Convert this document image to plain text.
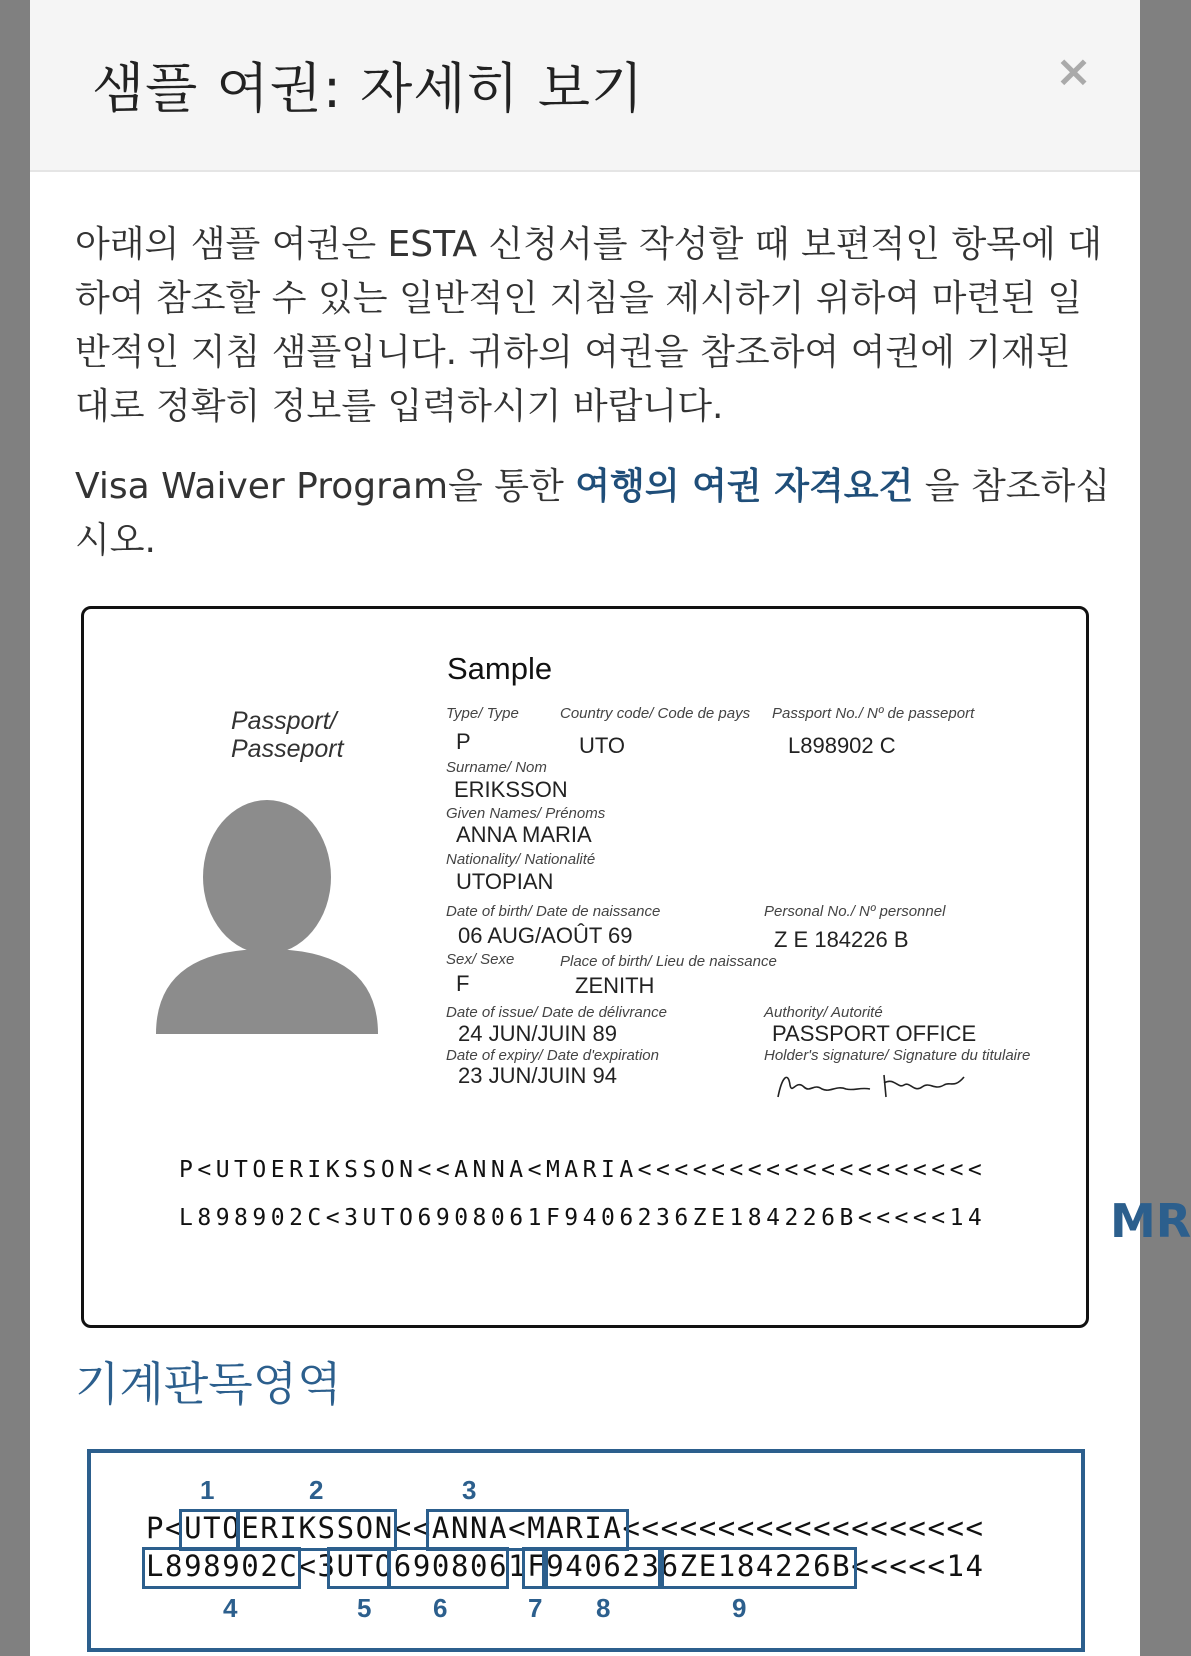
샘플 여권: 자세히 보기	×

아래의 샘플 여권은 ESTA 신청서를 작성할 때 보편적인 항목에 대하여 참조할 수 있는 일반적인 지침을 제시하기 위하여 마련된 일반적인 지침 샘플입니다. 귀하의 여권을 참조하여 여권에 기재된 대로 정확히 정보를 입력하시기 바랍니다.

Visa Waiver Program을 통한 여행의 여권 자격요건 을 참조하십시오.

Sample
Passport/
Passeport
Type/ Type
P
Country code/ Code de pays
UTO
Passport No./ Nº de passeport
L898902 C
Surname/ Nom
ERIKSSON
Given Names/ Prénoms
ANNA MARIA
Nationality/ Nationalité
UTOPIAN
Date of birth/ Date de naissance
06 AUG/AOÛT 69
Personal No./ Nº personnel
Z E 184226 B
Sex/ Sexe
F
Place of birth/ Lieu de naissance
ZENITH
Date of issue/ Date de délivrance
24 JUN/JUIN 89
Authority/ Autorité
PASSPORT OFFICE
Date of expiry/ Date d'expiration
23 JUN/JUIN 94
Holder's signature/ Signature du titulaire
P<UTOERIKSSON<<ANNA<MARIA<<<<<<<<<<<<<<<<<<<
L898902C<3UTO6908061F9406236ZE184226B<<<<<14
기계판독영역
1	2	3
P<UTOERIKSSON<<ANNA<MARIA<<<<<<<<<<<<<<<<<<<
L898902C<3UTO6908061F9406236ZE184226B<<<<<14
4	5 6	7 8	9
MR
